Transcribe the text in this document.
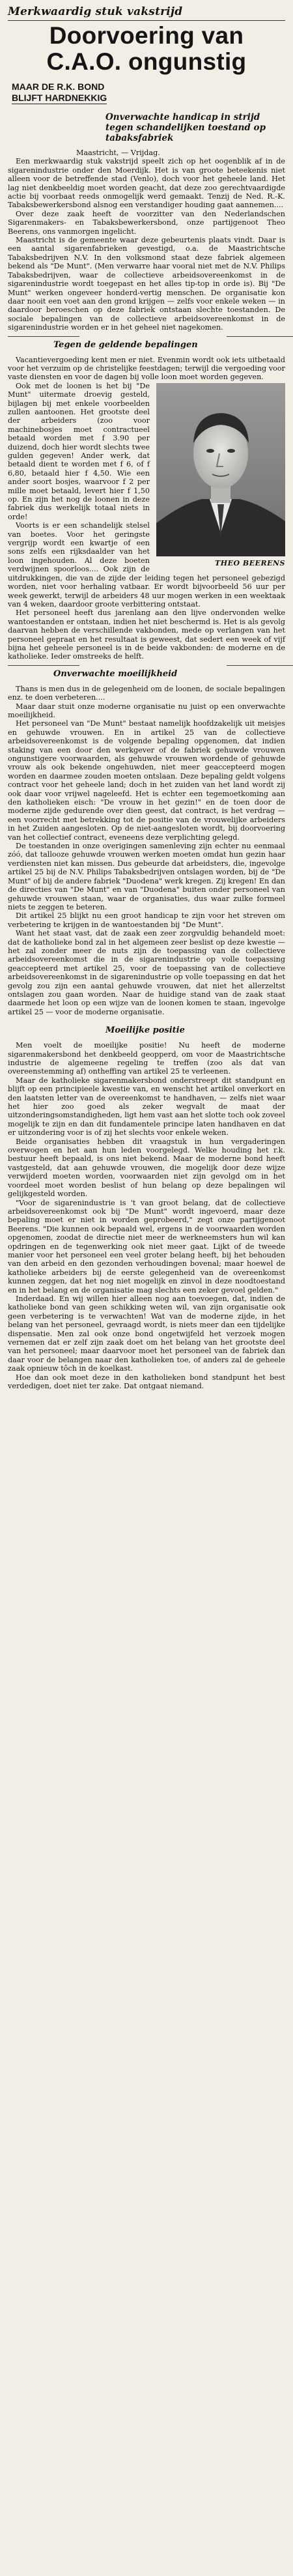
Merkwaardig stuk vakstrijd
Doorvoering van
C.A.O. ongunstig
MAAR DE R.K. BOND
BLIJFT HARDNEKKIG
Onverwachte handicap in strijd tegen schandelijken toestand op tabaksfabriek

Maastricht, — Vrijdag.

Een merkwaardig stuk vakstrijd speelt zich op het oogenblik af in de sigarenindustrie onder den Moerdijk. Het is van groote beteekenis niet alleen voor de betreffende stad (Venlo), doch voor het geheele land. Het lag niet denkbeeldig moet worden geacht, dat deze zoo gerechtvaardigde actie bij voorbaat reeds onmogelijk werd gemaakt. Tenzij de Ned. R.-K. Tabaksbewerkersbond alsnog een verstandiger houding gaat aannemen....

Over deze zaak heeft de voorzitter van den Nederlandschen Sigarenmakers- en Tabaksbewerkersbond, onze partijgenoot Theo Beerens, ons vanmorgen ingelicht.

Maastricht is de gemeente waar deze gebeurtenis plaats vindt. Daar is een aantal sigarenfabrieken gevestigd, o.a. de Maastrichtsche Tabaksbedrijven N.V. In den volksmond staat deze fabriek algemeen bekend als "De Munt". (Men verwarre haar vooral niet met de N.V. Philips Tabaksbedrijven, waar de collectieve arbeidsovereenkomst in de sigarenindustrie wordt toegepast en het alles tip-top in orde is). Bij "De Munt" werken ongeveer honderd-vertig menschen. De organisatie kon daar nooit een voet aan den grond krijgen — zelfs voor enkele weken — in daardoor beroeschen op deze fabriek ontstaan slechte toestanden. De sociale bepalingen van de collectieve arbeidsovereenkomst in de sigarenindustrie worden er in het geheel niet nagekomen.

Tegen de geldende bepalingen

Vacantievergoeding kent men er niet. Evenmin wordt ook iets uitbetaald voor het verzuim op de christelijke feestdagen; terwijl die vergoeding voor vaste diensten en voor de dagen bij volle loon moet worden gegeven.

THEO BEERENS

Ook met de loonen is het bij "De Munt" uitermate droevig gesteld, bijlagen bij met enkele voorbeelden zullen aantoonen. Het grootste deel der arbeiders (zoo voor machinebosjes moet contractueel betaald worden met f 3.90 per duizend, doch hier wordt slechts twee gulden gegeven! Ander werk, dat betaald dient te worden met f 6, of f 6,80, betaald hier f 4,50. Wie een ander soort bosjes, waarvoor f 2 per mille moet betaald, levert hier f 1,50 op. En zijn het nog de loonen in deze fabriek dus werkelijk totaal niets in orde!

Voorts is er een schandelijk stelsel van boetes. Voor het geringste vergrijp wordt een kwartje of een sons zelfs een rijksdaalder van het loon ingehouden. Al deze boeten verdwijnen spoorloos.... Ook zijn de uitdrukkingen, die van de zijde der leiding tegen het personeel gebezigd worden, niet voor herhaling vatbaar. Er wordt bijvoorbeeld 56 uur per week gewerkt, terwijl de arbeiders 48 uur mogen werken in een weektaak van 4 weken, daardoor groote verbittering ontstaat.

Het personeel heeft dus jarenlang aan den lijve ondervonden welke wantoestanden er ontstaan, indien het niet beschermd is. Het is als gevolg daarvan hebben de verschillende vakbonden, mede op verlangen van het personeel gepraat en het resultaat is geweest, dat sedert een week of vijf bijna het geheele personeel is in de beide vakbonden: de moderne en de katholieke. Ieder omstreeks de helft.

Onverwachte moeilijkheid

Thans is men dus in de gelegenheid om de loonen, de sociale bepalingen enz. te doen verbeteren....

Maar daar stuit onze moderne organisatie nu juist op een onverwachte moeilijkheid.

Het personeel van "De Munt" bestaat namelijk hoofdzakelijk uit meisjes en gehuwde vrouwen. En in artikel 25 van de collectieve arbeidsovereenkomst is de volgende bepaling opgenomen, dat indien staking van een door den werkgever of de fabriek gehuwde vrouwen ongunstigere voorwaarden, als gehuwde vrouwen wordende of gehuwde vrouw als ook bekende ongehuwden, niet meer geaccepteerd mogen worden en daarmee zouden moeten ontslaan. Deze bepaling geldt volgens contract voor het geheele land; doch in het zuiden van het land wordt zij ook daar voor vrijwel nageleefd. Het is echter een tegemoetkoming aan den katholieken eisch: "De vrouw in het gezin!" en de toen door de moderne zijde gedurende over dien geest, dat contract, is het verdrag — een voorrecht met betrekking tot de positie van de vrouwelijke arbeiders in het Zuiden aangesloten. Op de niet-aangesloten wordt, bij doorvoering van het collectief contract, eveneens deze verplichting gelegd.

De toestanden in onze overigingen samenleving zijn echter nu eenmaal zóó, dat tallooze gehuwde vrouwen werken moeten omdat hun gezin haar verdiensten niet kan missen. Dus gebeurde dat arbeidsters, die, ingevolge artikel 25 bij de N.V. Philips Tabaksbedrijven ontslagen worden, bij de "De Munt" of bij de andere fabriek "Duodena" werk kregen. Zij kregen! En dan de directies van "De Munt" en van "Duodena" buiten onder personeel van gehuwde vrouwen staan, waar de organisaties, dus waar zulke formeel niets te zeggen te beteren.

Dit artikel 25 blijkt nu een groot handicap te zijn voor het streven om verbetering te krijgen in de wantoestanden bij "De Munt".

Want het staat vast, dat de zaak een zeer zorgvuldig behandeld moet: dat de katholieke bond zal in het algemeen zeer beslist op deze kwestie — het zal zonder meer de nuts zijn de toepassing van de collectieve arbeidsovereenkomst die in de sigarenindustrie op volle toepassing geaccepteerd met artikel 25, voor de toepassing van de collectieve arbeidsovereenkomst in de sigarenindustrie op volle toepassing en dat het gevolg zou zijn een aantal gehuwde vrouwen, dat niet het allerzeltst ontslagen zou gaan worden. Naar de huidige stand van de zaak staat daarmede het loon op een wijze van de loonen komen te staan, ingevolge artikel 25 — voor de moderne organisatie.

Moeilijke positie

Men voelt de moeilijke positie! Nu heeft de moderne sigarenmakersbond het denkbeeld geopperd, om voor de Maastrichtsche industrie de algemeene regeling te treffen (zoo als dat van overeenstemming af) ontheffing van artikel 25 te verleenen.

Maar de katholieke sigarenmakersbond onderstreept dit standpunt en blijft op een principieele kwestie van, en wenscht het artikel onverkort en den laatsten letter van de overeenkomst te handhaven, — zelfs niet waar het hier zoo goed als zeker wegvalt de maat der uitzonderingsomstandigheden, ligt hem vast aan het slotte toch ook zoveel mogelijk te zijn en dan dit fundamentele principe laten handhaven en dat er uitzondering voor is of zij het slechts voor enkele weken.

Beide organisaties hebben dit vraagstuk in hun vergaderingen overwogen en het aan hun leden voorgelegd. Welke houding het r.k. bestuur heeft bepaald, is ons niet bekend. Maar de moderne bond heeft vastgesteld, dat aan gehuwde vrouwen, die mogelijk door deze wijze verwijderd moeten worden, voorwaarden niet zijn gevolgd om in het voordeel moet worden beslist of hun belang op deze bepalingen wil gelijkgesteld worden.

"Voor de sigarenindustrie is 't van groot belang, dat de collectieve arbeidsovereenkomst ook bij "De Munt" wordt ingevoerd, maar deze bepaling moet er niet in worden geprobeerd," zegt onze partijgenoot Beerens. "Die kunnen ook bepaald wel, ergens in de voorwaarden worden opgenomen, zoodat de directie niet meer de werkneemsters hun wil kan opdringen en de tegenwerking ook niet meer gaat. Lijkt of de tweede manier voor het personeel een veel groter belang heeft, bij het behouden van den arbeid en den gezonden verhoudingen bovenal; maar hoewel de katholieke arbeiders bij de eerste gelegenheid van de overeenkomst kunnen zeggen, dat het nog niet mogelijk en zinvol in deze noodtoestand en in het belang en de organisatie mag slechts een zeker gevoel gelden."

Inderdaad. En wij willen hier alleen nog aan toevoegen, dat, indien de katholieke bond van geen schikking weten wil, van zijn organisatie ook geen verbetering is te verwachten! Wat van de moderne zijde, in het belang van het personeel, gevraagd wordt, is niets meer dan een tijdelijke dispensatie. Men zal ook onze bond ongetwijfeld het verzoek mogen vernemen dat er zelf zijn zaak doet om het belang van het grootste deel van het personeel; maar daarvoor moet het personeel van de fabriek dan daar voor de belangen naar den katholieken toe, of anders zal de geheele zaak opnieuw tôch in de koelkast.

Hoe dan ook moet deze in den katholieken bond standpunt het best verdedigen, doet niet ter zake. Dat ontgaat niemand.
